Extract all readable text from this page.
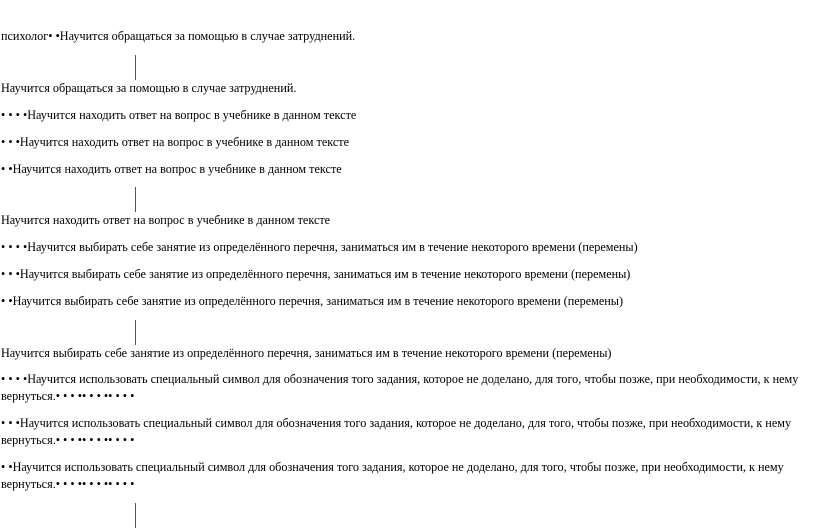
психолог• •Научится обращаться за помощью в случае затруднений.
Научится обращаться за помощью в случае затруднений.
• • • •Научится находить ответ на вопрос в учебнике в данном тексте
• • •Научится находить ответ на вопрос в учебнике в данном тексте
• •Научится находить ответ на вопрос в учебнике в данном тексте
Научится находить ответ на вопрос в учебнике в данном тексте
• • • •Научится выбирать себе занятие из определённого перечня, заниматься им в течение некоторого времени (перемены)
• • •Научится выбирать себе занятие из определённого перечня, заниматься им в течение некоторого времени (перемены)
• •Научится выбирать себе занятие из определённого перечня, заниматься им в течение некоторого времени (перемены)
Научится выбирать себе занятие из определённого перечня, заниматься им в течение некоторого времени (перемены)
• • • •Научится использовать специальный символ для обозначения того задания, которое не доделано, для того, чтобы позже, при необходимости, к нему вернуться.• • • •• • • •• • • •
• • •Научится использовать специальный символ для обозначения того задания, которое не доделано, для того, чтобы позже, при необходимости, к нему вернуться.• • • •• • • •• • • •
• •Научится использовать специальный символ для обозначения того задания, которое не доделано, для того, чтобы позже, при необходимости, к нему вернуться.• • • •• • • •• • • •
